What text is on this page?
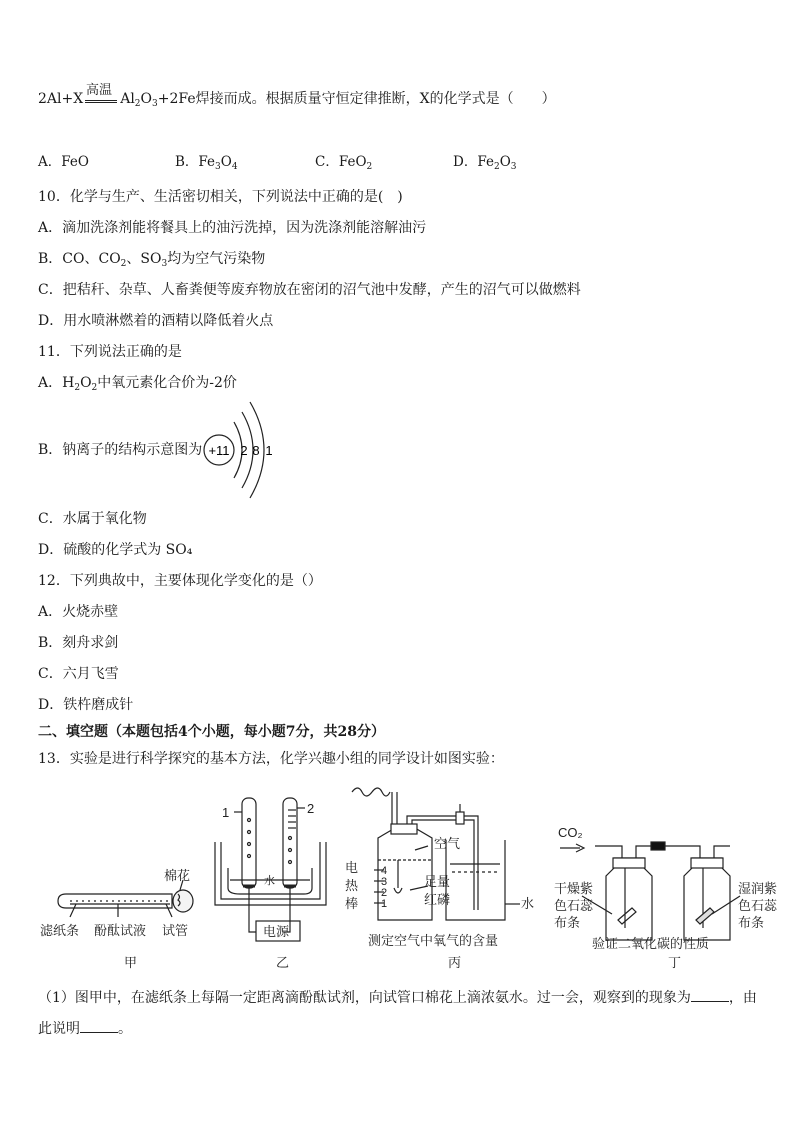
高温
2Al+X	$Al_2O_3+2Fe$焊接而成。根据质量守恒定律推断，X的化学式是（　　）
A．FeO	B．$Fe_3O_4$	C．FeO$_2$	D．$Fe_2O_3$
10．化学与生产、生活密切相关，下列说法中正确的是(　)
A．滴加洗涤剂能将餐具上的油污洗掉，因为洗涤剂能溶解油污
B．CO、$CO_2$、$SO_3$均为空气污染物
C．把秸秆、杂草、人畜粪便等废弃物放在密闭的沼气池中发酵，产生的沼气可以做燃料
D．用水喷淋燃着的酒精以降低着火点
11．下列说法正确的是
A．$H_2O_2$中氧元素化合价为-2价
B．钠离子的结构示意图为 +11 2 8 1
C．水属于氧化物
D．硫酸的化学式为 SO₄
12．下列典故中，主要体现化学变化的是（）
A．火烧赤壁
B．刻舟求剑
C．六月飞雪
D．铁杵磨成针
二、填空题（本题包括4个小题，每小题7分，共28分）
13．实验是进行科学探究的基本方法，化学兴趣小组的同学设计如图实验：
棉花
滤纸条 酚酞试液 试管
甲
1	2
水
电源
乙
空气
电
热
棒
足量
红磷	水
4
3
2
1
测定空气中氧气的含量
丙
CO₂
干燥紫
色石蕊
布条
湿润紫
色石蕊
布条
验证二氧化碳的性质
丁
（1）图甲中，在滤纸条上每隔一定距离滴酚酞试剂，向试管口棉花上滴浓氨水。过一会，观察到的现象为	，由
此说明	。
